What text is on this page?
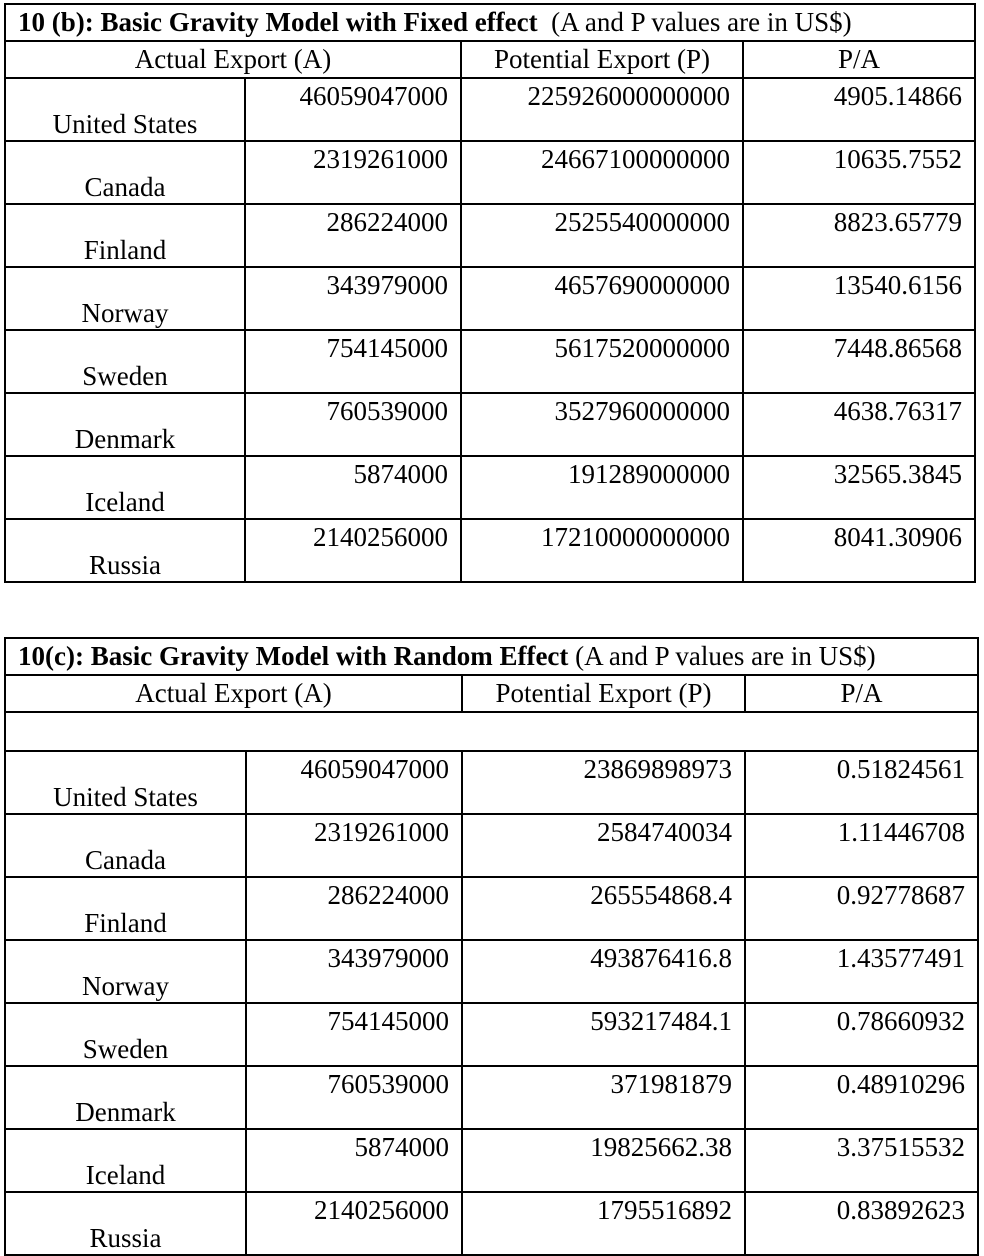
10 (b): Basic Gravity Model with Fixed effect  (A and P values are in US$)			
Actual Export (A)		Potential Export (P)	P/A
United States	46059047000	225926000000000	4905.14866
Canada	2319261000	24667100000000	10635.7552
Finland	286224000	2525540000000	8823.65779
Norway	343979000	4657690000000	13540.6156
Sweden	754145000	5617520000000	7448.86568
Denmark	760539000	3527960000000	4638.76317
Iceland	5874000	191289000000	32565.3845
Russia	2140256000	17210000000000	8041.30906
10(c): Basic Gravity Model with Random Effect (A and P values are in US$)			
Actual Export (A)		Potential Export (P)	P/A

United States	46059047000	23869898973	0.51824561
Canada	2319261000	2584740034	1.11446708
Finland	286224000	265554868.4	0.92778687
Norway	343979000	493876416.8	1.43577491
Sweden	754145000	593217484.1	0.78660932
Denmark	760539000	371981879	0.48910296
Iceland	5874000	19825662.38	3.37515532
Russia	2140256000	1795516892	0.83892623
